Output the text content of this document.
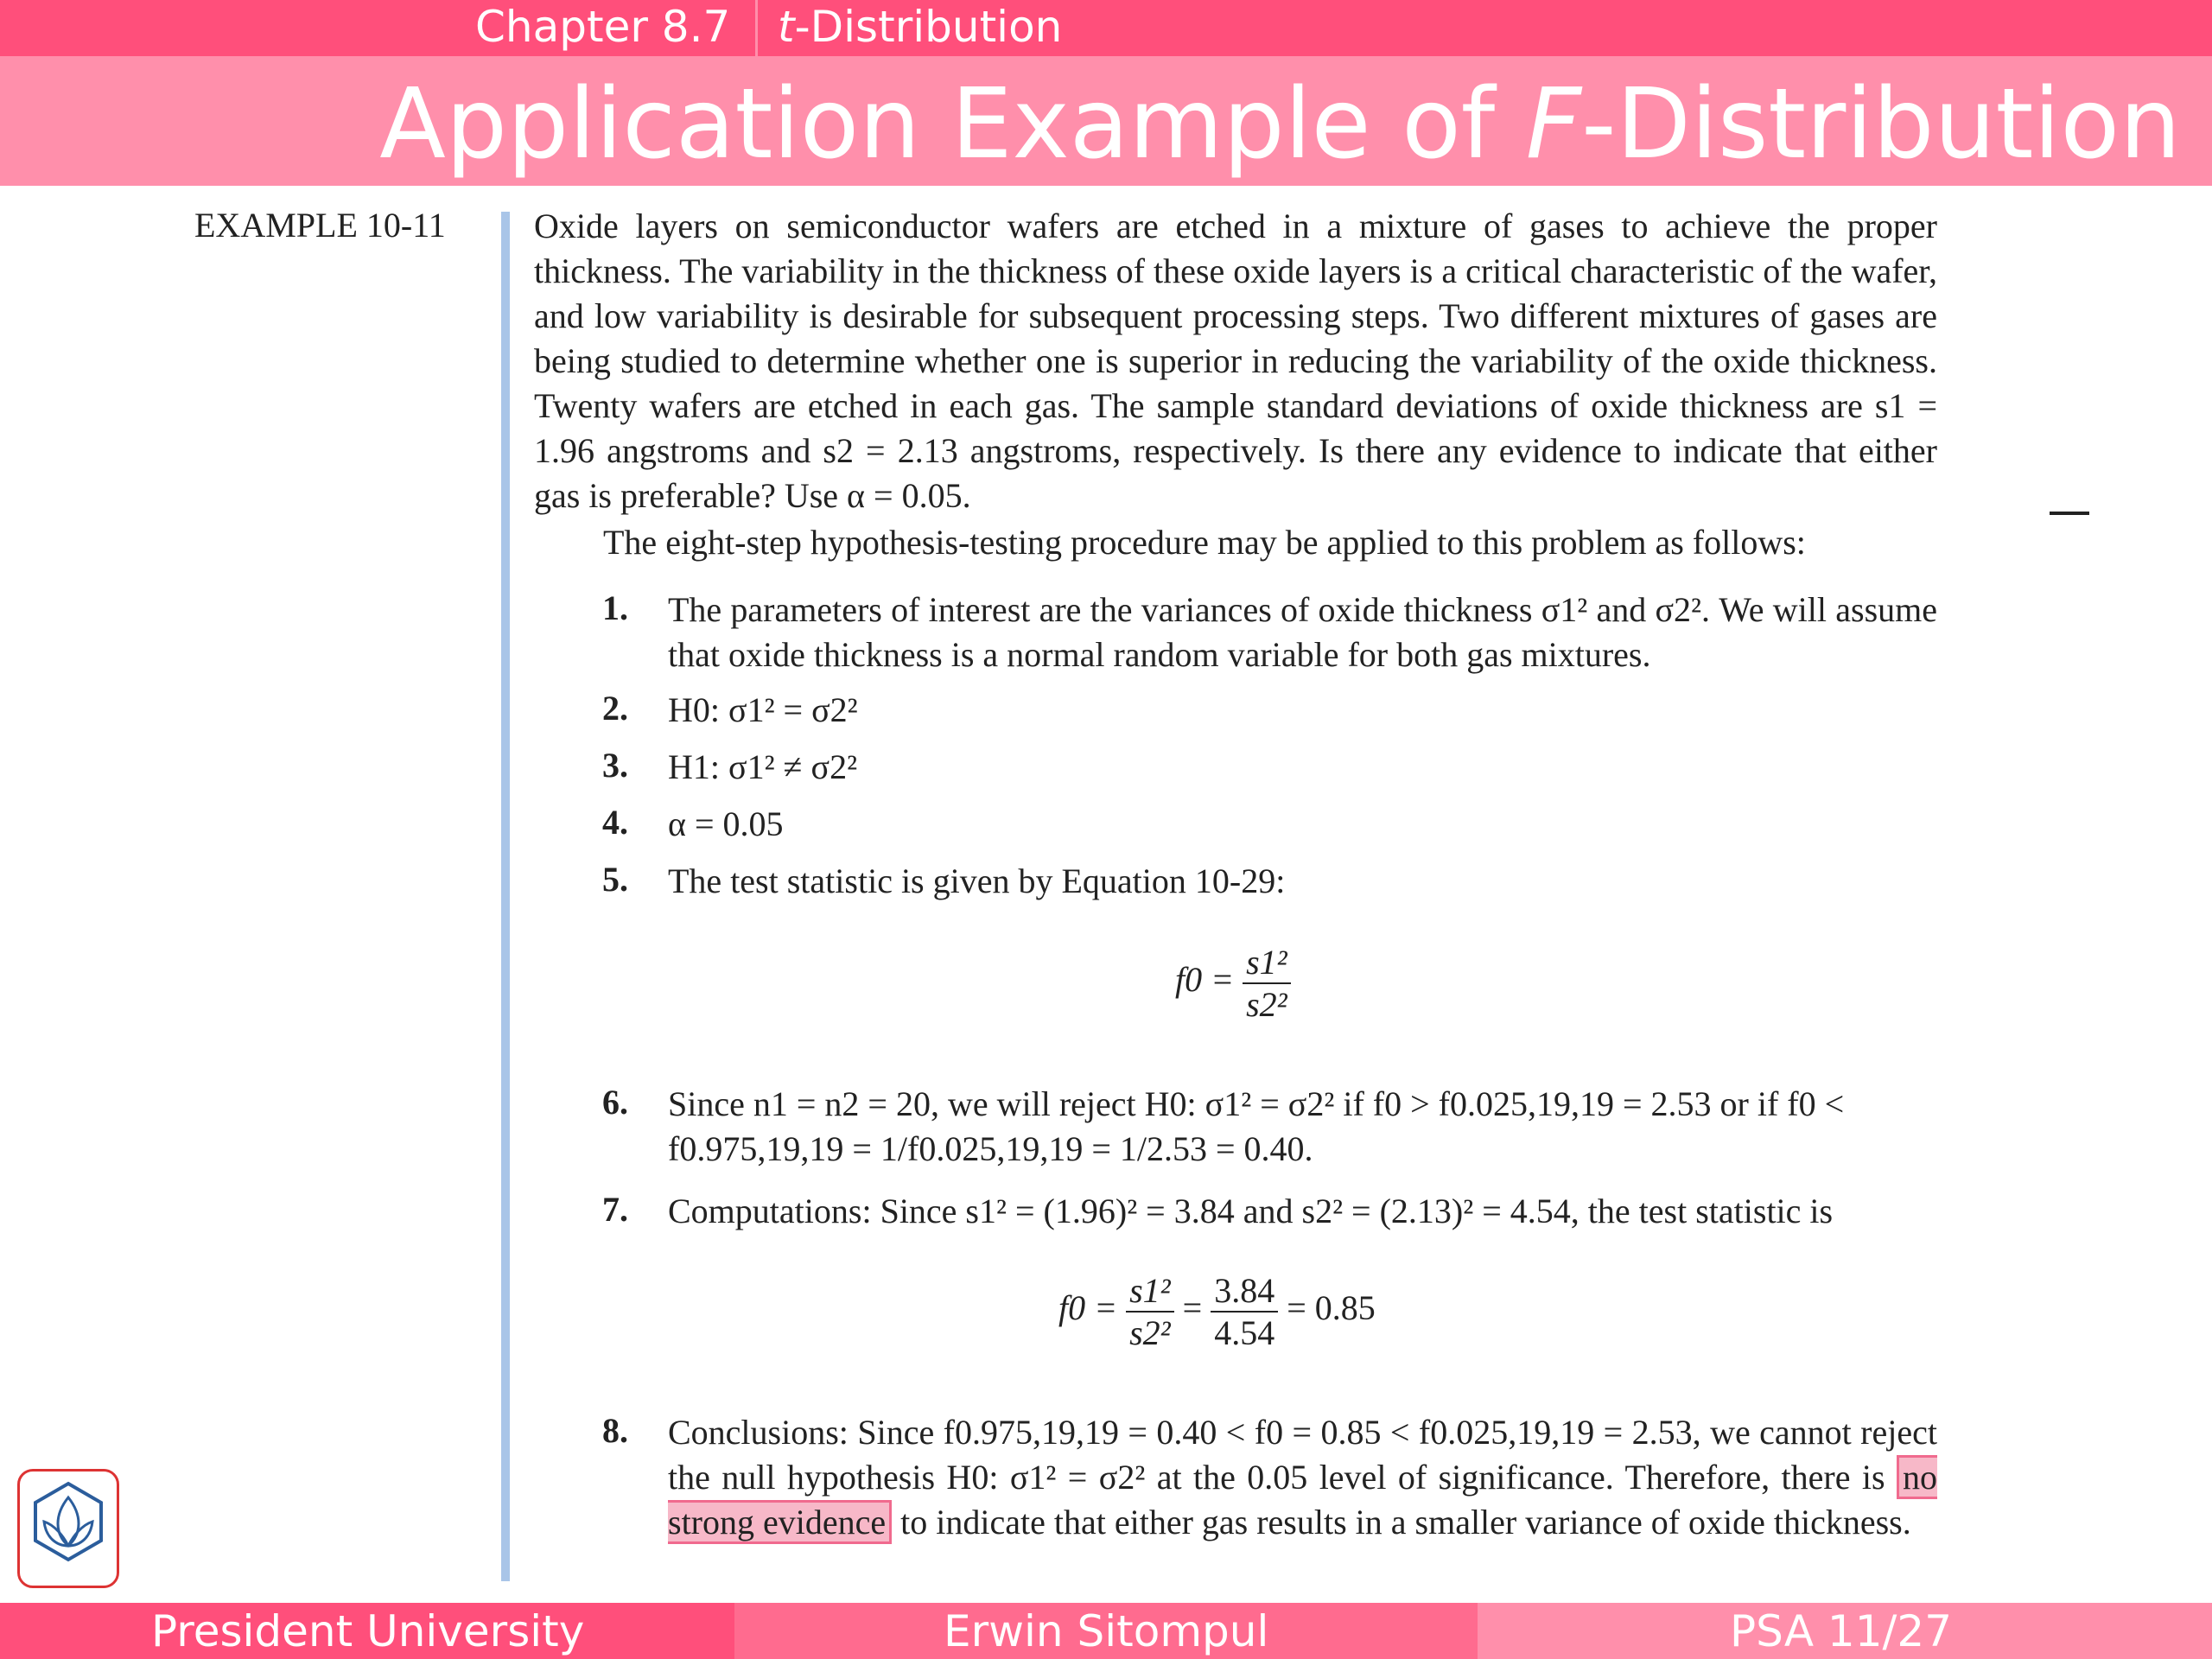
Chapter 8.7 t-Distribution
Application Example of F-Distribution
EXAMPLE 10-11	Oxide layers on semiconductor wafers are etched in a mixture of gases to achieve the proper thickness. The variability in the thickness of these oxide layers is a critical characteristic of the wafer, and low variability is desirable for subsequent processing steps. Two different mixtures of gases are being studied to determine whether one is superior in reducing the variability of the oxide thickness. Twenty wafers are etched in each gas. The sample standard deviations of oxide thickness are s1 = 1.96 angstroms and s2 = 2.13 angstroms, respectively. Is there any evidence to indicate that either gas is preferable? Use α = 0.05.
The eight-step hypothesis-testing procedure may be applied to this problem as follows:
1. The parameters of interest are the variances of oxide thickness σ1² and σ2². We will assume that oxide thickness is a normal random variable for both gas mixtures.
2. H0: σ1² = σ2²
3. H1: σ1² ≠ σ2²
4. α = 0.05
5. The test statistic is given by Equation 10-29:
$f0 = \frac{\text{s1²}}{\text{s2²}}$
6. Since n1 = n2 = 20, we will reject H0: σ1² = σ2² if f0 > f0.025,19,19 = 2.53 or if f0 < f0.975,19,19 = 1/f0.025,19,19 = 1/2.53 = 0.40.
7. Computations: Since s1² = (1.96)² = 3.84 and s2² = (2.13)² = 4.54, the test statistic is
$f0 = \frac{\text{s1²}}{\text{s2²}} = \frac{3.84}{4.54} = 0.85$
8. Conclusions: Since f0.975,19,19 = 0.40 < f0 = 0.85 < f0.025,19,19 = 2.53, we cannot reject the null hypothesis H0: σ1² = σ2² at the 0.05 level of significance. Therefore, there is no strong evidence to indicate that either gas results in a smaller variance of oxide thickness.
President University	Erwin Sitompul	PSA 11/27
